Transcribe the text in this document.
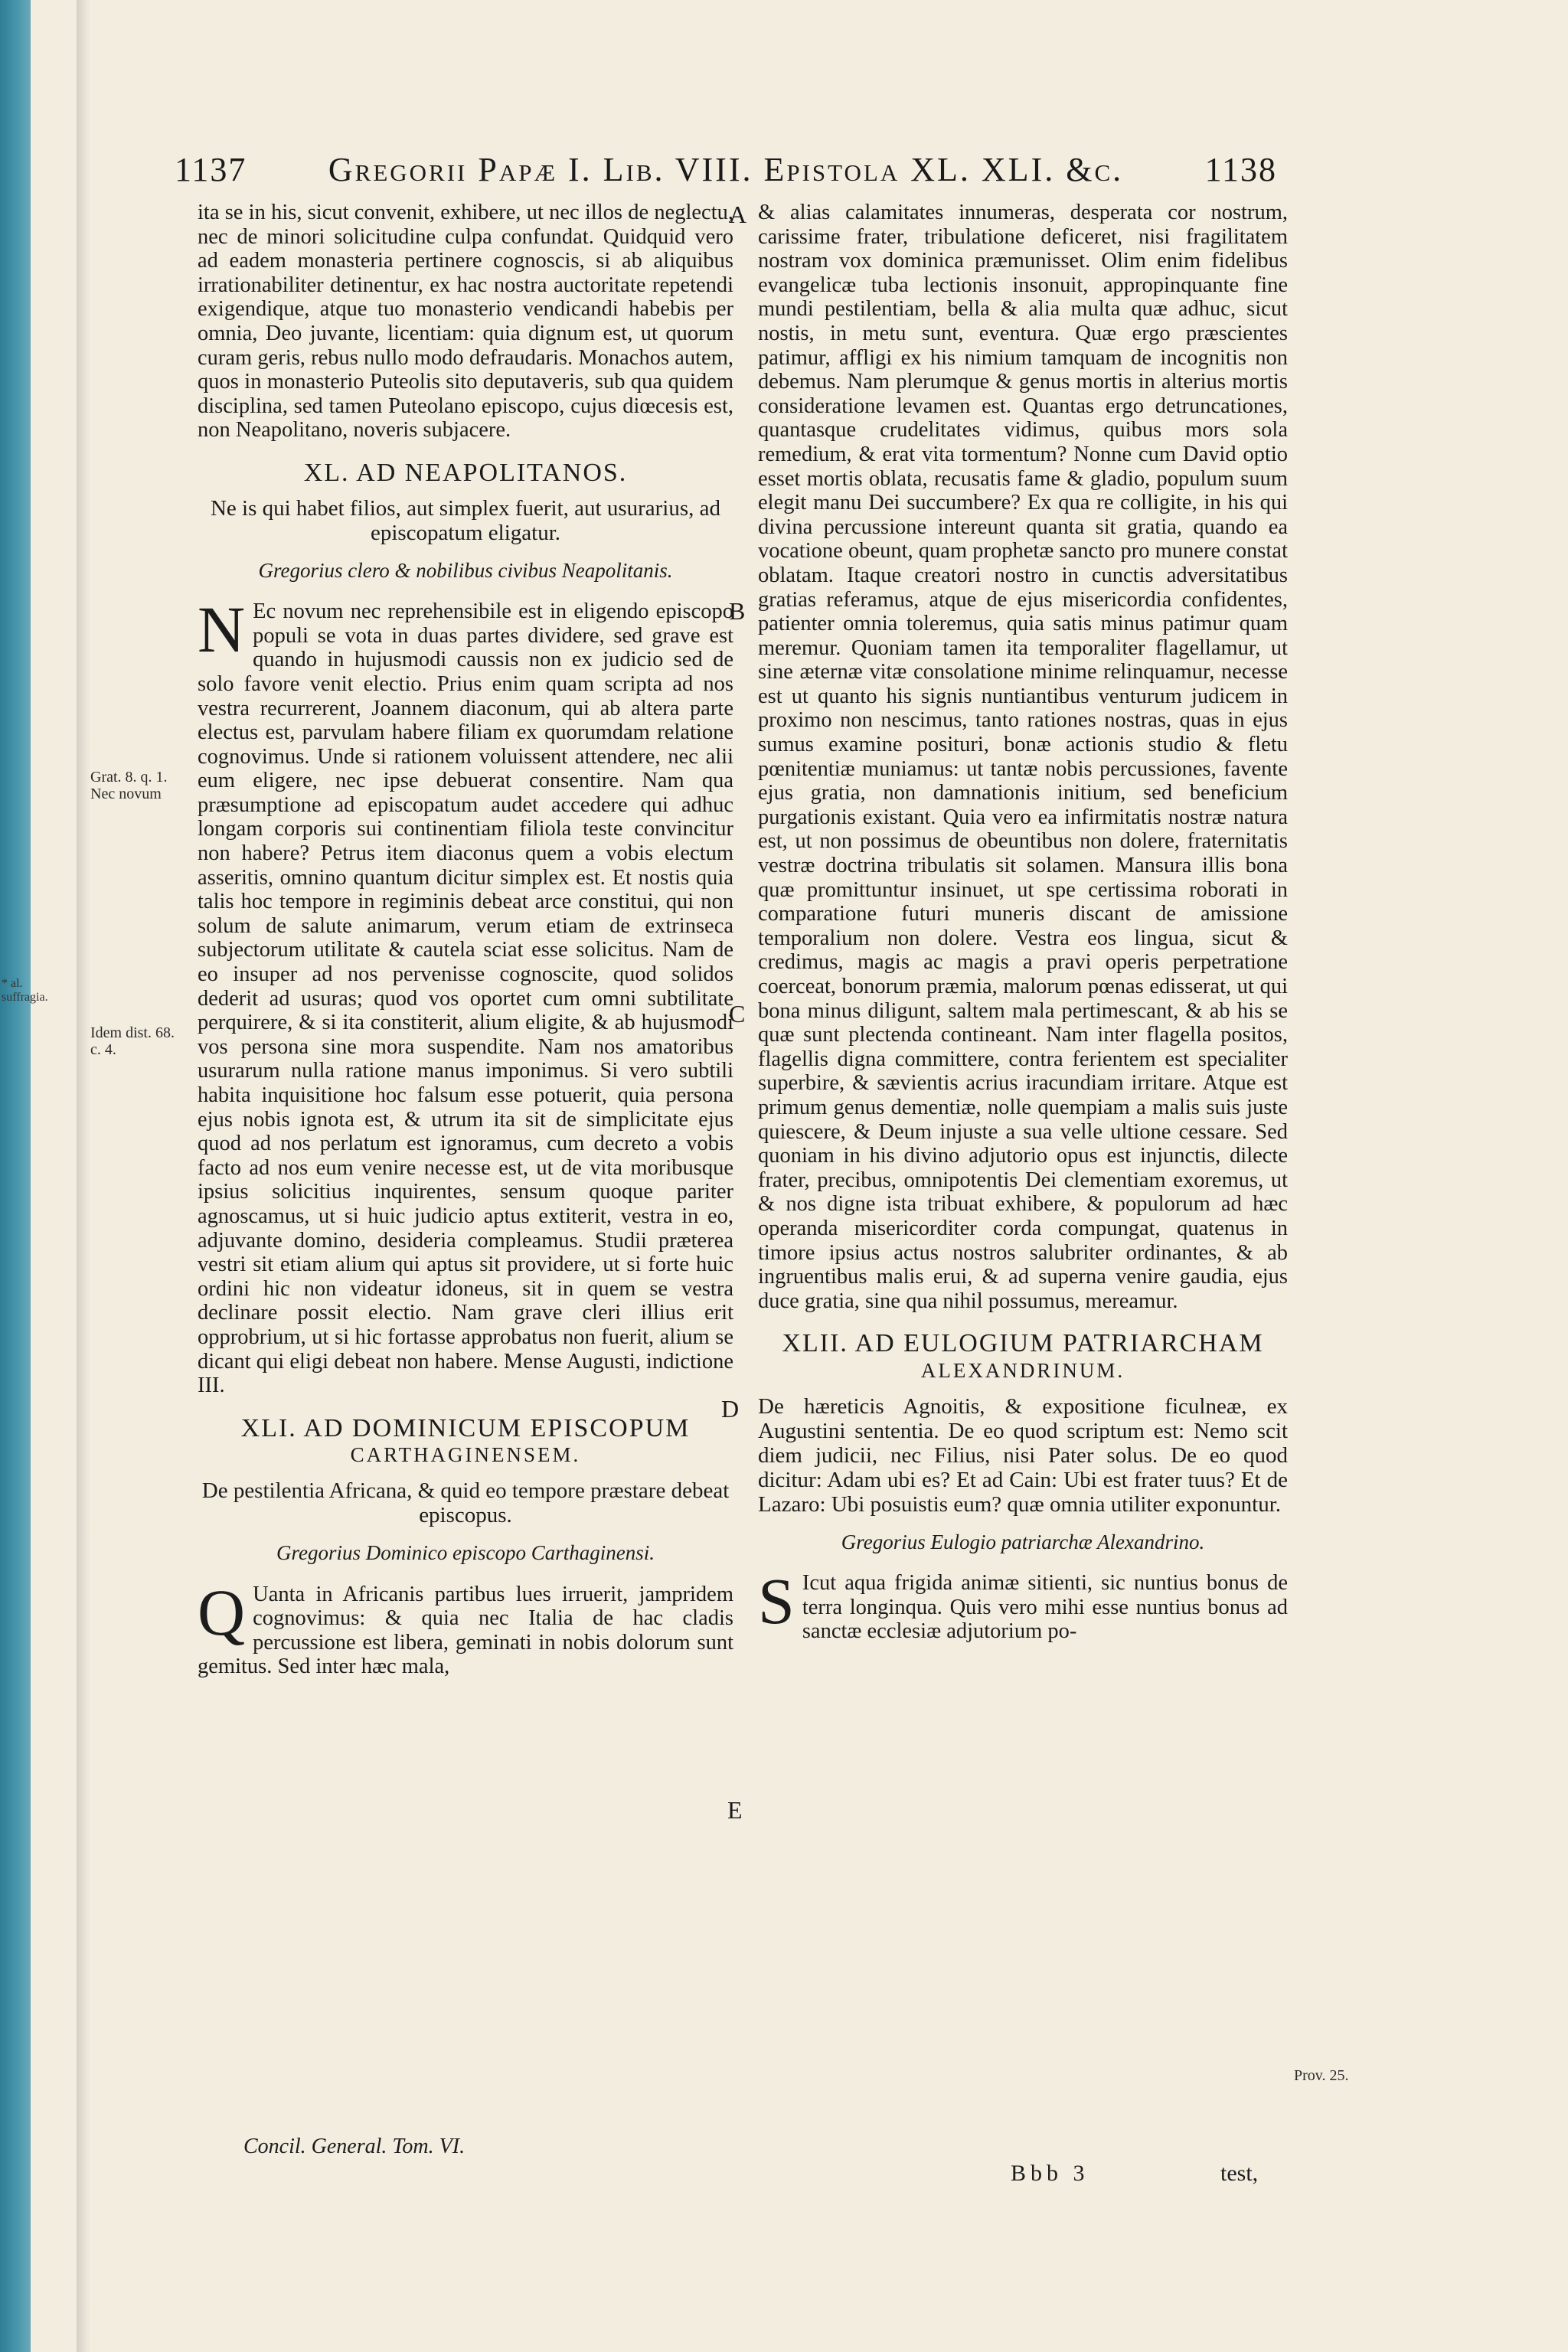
* al. suffragia.
1137 Gregorii Papæ I. Lib. VIII. Epistola XL. XLI. &c. 1138

ita se in his, sicut convenit, exhibere, ut nec illos de neglectu, nec de minori solicitudine culpa confundat. Quidquid vero ad eadem monasteria pertinere cognoscis, si ab aliquibus irrationabiliter detinentur, ex hac nostra auctoritate repetendi exigendique, atque tuo monasterio vendicandi habebis per omnia, Deo juvante, licentiam: quia dignum est, ut quorum curam geris, rebus nullo modo defraudaris. Monachos autem, quos in monasterio Puteolis sito deputaveris, sub qua quidem disciplina, sed tamen Puteolano episcopo, cujus diœcesis est, non Neapolitano, noveris subjacere.

XL. AD NEAPOLITANOS.
Ne is qui habet filios, aut simplex fuerit, aut usurarius, ad episcopatum eligatur.
Gregorius clero & nobilibus civibus Neapolitanis.

N Ec novum nec reprehensibile est in eligendo episcopo populi se vota in duas partes dividere, sed grave est quando in hujusmodi caussis non ex judicio sed de solo favore venit electio. Prius enim quam scripta ad nos vestra recurrerent, Joannem diaconum, qui ab altera parte electus est, parvulam habere filiam ex quorumdam relatione cognovimus. Unde si rationem voluissent attendere, nec alii eum eligere, nec ipse debuerat consentire. Nam qua præsumptione ad episcopatum audet accedere qui adhuc longam corporis sui continentiam filiola teste convincitur non habere? Petrus item diaconus quem a vobis electum asseritis, omnino quantum dicitur simplex est. Et nostis quia talis hoc tempore in regiminis debeat arce constitui, qui non solum de salute animarum, verum etiam de extrinseca subjectorum utilitate & cautela sciat esse solicitus. Nam de eo insuper ad nos pervenisse cognoscite, quod solidos dederit ad usuras; quod vos oportet cum omni subtilitate perquirere, & si ita constiterit, alium eligite, & ab hujusmodi vos persona sine mora suspendite. Nam nos amatoribus usurarum nulla ratione manus imponimus. Si vero subtili habita inquisitione hoc falsum esse potuerit, quia persona ejus nobis ignota est, & utrum ita sit de simplicitate ejus quod ad nos perlatum est ignoramus, cum decreto a vobis facto ad nos eum venire necesse est, ut de vita moribusque ipsius solicitius inquirentes, sensum quoque pariter agnoscamus, ut si huic judicio aptus extiterit, vestra in eo, adjuvante domino, desideria compleamus. Studii præterea vestri sit etiam alium qui aptus sit providere, ut si forte huic ordini hic non videatur idoneus, sit in quem se vestra declinare possit electio. Nam grave cleri illius erit opprobrium, ut si hic fortasse approbatus non fuerit, alium se dicant qui eligi debeat non habere. Mense Augusti, indictione III.

XLI. AD DOMINICUM EPISCOPUM
CARTHAGINENSEM.
De pestilentia Africana, & quid eo tempore præstare debeat episcopus.
Gregorius Dominico episcopo Carthaginensi.

Q Uanta in Africanis partibus lues irruerit, jampridem cognovimus: & quia nec Italia de hac cladis percussione est libera, geminati in nobis dolorum sunt gemitus. Sed inter hæc mala,

& alias calamitates innumeras, desperata cor nostrum, carissime frater, tribulatione deficeret, nisi fragilitatem nostram vox dominica præmunisset. Olim enim fidelibus evangelicæ tuba lectionis insonuit, appropinquante fine mundi pestilentiam, bella & alia multa quæ adhuc, sicut nostis, in metu sunt, eventura. Quæ ergo præscientes patimur, affligi ex his nimium tamquam de incognitis non debemus. Nam plerumque & genus mortis in alterius mortis consideratione levamen est. Quantas ergo detruncationes, quantasque crudelitates vidimus, quibus mors sola remedium, & erat vita tormentum? Nonne cum David optio esset mortis oblata, recusatis fame & gladio, populum suum elegit manu Dei succumbere? Ex qua re colligite, in his qui divina percussione intereunt quanta sit gratia, quando ea vocatione obeunt, quam prophetæ sancto pro munere constat oblatam. Itaque creatori nostro in cunctis adversitatibus gratias referamus, atque de ejus misericordia confidentes, patienter omnia toleremus, quia satis minus patimur quam meremur. Quoniam tamen ita temporaliter flagellamur, ut sine æternæ vitæ consolatione minime relinquamur, necesse est ut quanto his signis nuntiantibus venturum judicem in proximo non nescimus, tanto rationes nostras, quas in ejus sumus examine posituri, bonæ actionis studio & fletu pœnitentiæ muniamus: ut tantæ nobis percussiones, favente ejus gratia, non damnationis initium, sed beneficium purgationis existant. Quia vero ea infirmitatis nostræ natura est, ut non possimus de obeuntibus non dolere, fraternitatis vestræ doctrina tribulatis sit solamen. Mansura illis bona quæ promittuntur insinuet, ut spe certissima roborati in comparatione futuri muneris discant de amissione temporalium non dolere. Vestra eos lingua, sicut & credimus, magis ac magis a pravi operis perpetratione coerceat, bonorum præmia, malorum pœnas edisserat, ut qui bona minus diligunt, saltem mala pertimescant, & ab his se quæ sunt plectenda contineant. Nam inter flagella positos, flagellis digna committere, contra ferientem est specialiter superbire, & sævientis acrius iracundiam irritare. Atque est primum genus dementiæ, nolle quempiam a malis suis juste quiescere, & Deum injuste a sua velle ultione cessare. Sed quoniam in his divino adjutorio opus est injunctis, dilecte frater, precibus, omnipotentis Dei clementiam exoremus, ut & nos digne ista tribuat exhibere, & populorum ad hæc operanda misericorditer corda compungat, quatenus in timore ipsius actus nostros salubriter ordinantes, & ab ingruentibus malis erui, & ad superna venire gaudia, ejus duce gratia, sine qua nihil possumus, mereamur.

XLII. AD EULOGIUM PATRIARCHAM
ALEXANDRINUM.
De hæreticis Agnoitis, & expositione ficulneæ, ex Augustini sententia. De eo quod scriptum est: Nemo scit diem judicii, nec Filius, nisi Pater solus. De eo quod dicitur: Adam ubi es? Et ad Cain: Ubi est frater tuus? Et de Lazaro: Ubi posuistis eum? quæ omnia utiliter exponuntur.
Gregorius Eulogio patriarchæ Alexandrino.

S Icut aqua frigida animæ sitienti, sic nuntius bonus de terra longinqua. Quis vero mihi esse nuntius bonus ad sanctæ ecclesiæ adjutorium po-

Grat. 8. q. 1. Nec novum
Idem dist. 68. c. 4.
Prov. 25.
A
B
C
D
E
Concil. General. Tom. VI.
Bbb 3	test,
